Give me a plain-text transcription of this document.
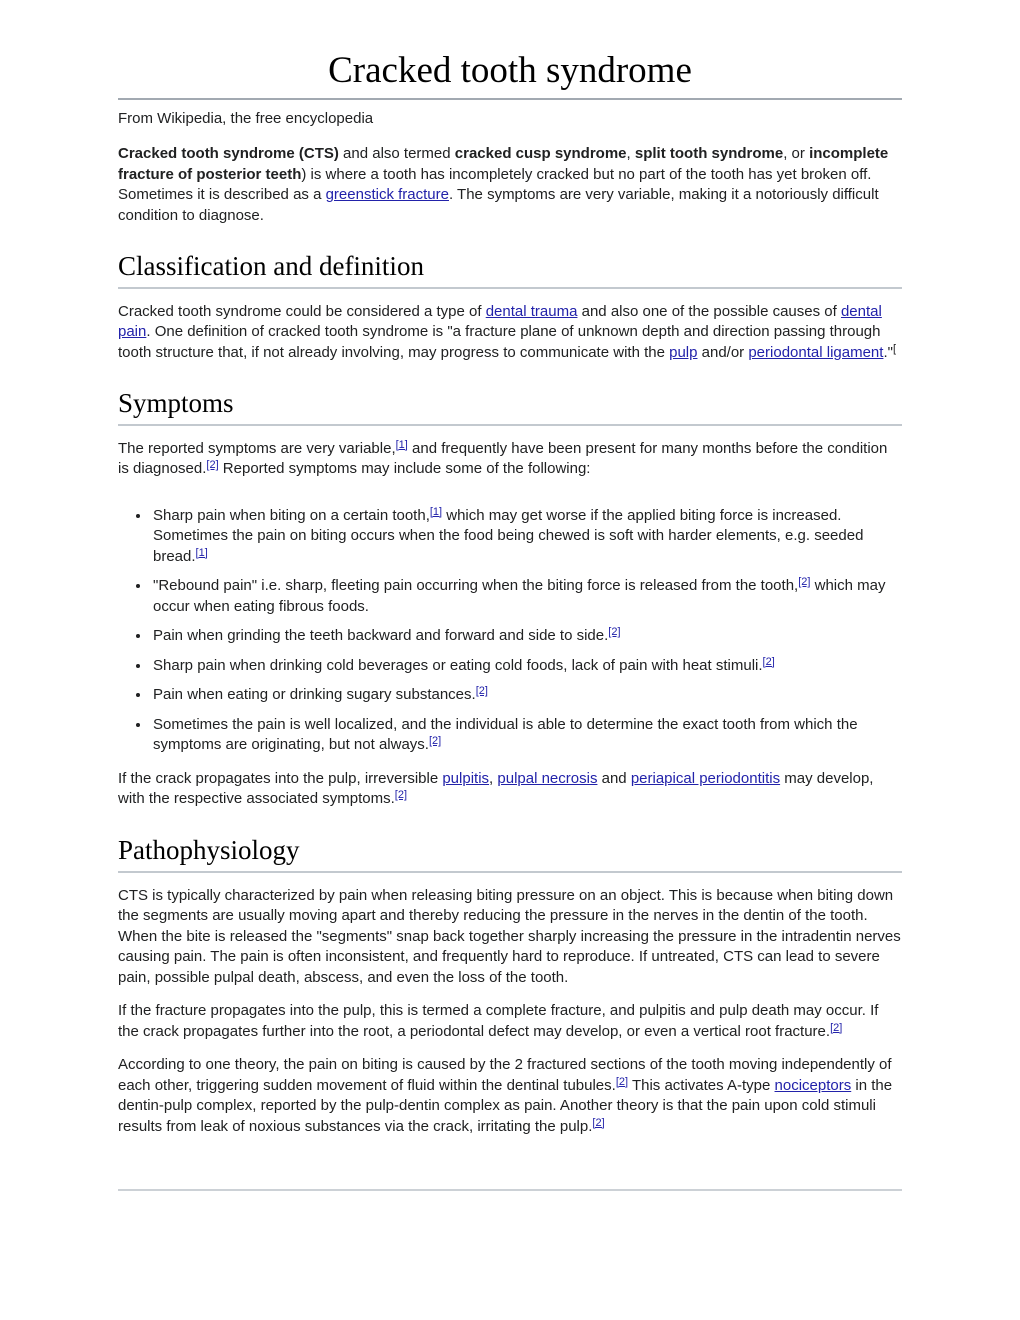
Cracked tooth syndrome
From Wikipedia, the free encyclopedia

Cracked tooth syndrome (CTS) and also termed cracked cusp syndrome, split tooth syndrome, or incomplete fracture of posterior teeth) is where a tooth has incompletely cracked but no part of the tooth has yet broken off. Sometimes it is described as a greenstick fracture. The symptoms are very variable, making it a notoriously difficult condition to diagnose.

Classification and definition

Cracked tooth syndrome could be considered a type of dental trauma and also one of the possible causes of dental pain. One definition of cracked tooth syndrome is "a fracture plane of unknown depth and direction passing through tooth structure that, if not already involving, may progress to communicate with the pulp and/or periodontal ligament."[

Symptoms

The reported symptoms are very variable,[1] and frequently have been present for many months before the condition is diagnosed.[2] Reported symptoms may include some of the following:

• Sharp pain when biting on a certain tooth,[1] which may get worse if the applied biting force is increased. Sometimes the pain on biting occurs when the food being chewed is soft with harder elements, e.g. seeded bread.[1]
• "Rebound pain" i.e. sharp, fleeting pain occurring when the biting force is released from the tooth,[2] which may occur when eating fibrous foods.
• Pain when grinding the teeth backward and forward and side to side.[2]
• Sharp pain when drinking cold beverages or eating cold foods, lack of pain with heat stimuli.[2]
• Pain when eating or drinking sugary substances.[2]
• Sometimes the pain is well localized, and the individual is able to determine the exact tooth from which the symptoms are originating, but not always.[2]

If the crack propagates into the pulp, irreversible pulpitis, pulpal necrosis and periapical periodontitis may develop, with the respective associated symptoms.[2]

Pathophysiology

CTS is typically characterized by pain when releasing biting pressure on an object. This is because when biting down the segments are usually moving apart and thereby reducing the pressure in the nerves in the dentin of the tooth. When the bite is released the "segments" snap back together sharply increasing the pressure in the intradentin nerves causing pain. The pain is often inconsistent, and frequently hard to reproduce. If untreated, CTS can lead to severe pain, possible pulpal death, abscess, and even the loss of the tooth.

If the fracture propagates into the pulp, this is termed a complete fracture, and pulpitis and pulp death may occur. If the crack propagates further into the root, a periodontal defect may develop, or even a vertical root fracture.[2]

According to one theory, the pain on biting is caused by the 2 fractured sections of the tooth moving independently of each other, triggering sudden movement of fluid within the dentinal tubules.[2] This activates A-type nociceptors in the dentin-pulp complex, reported by the pulp-dentin complex as pain. Another theory is that the pain upon cold stimuli results from leak of noxious substances via the crack, irritating the pulp.[2]
